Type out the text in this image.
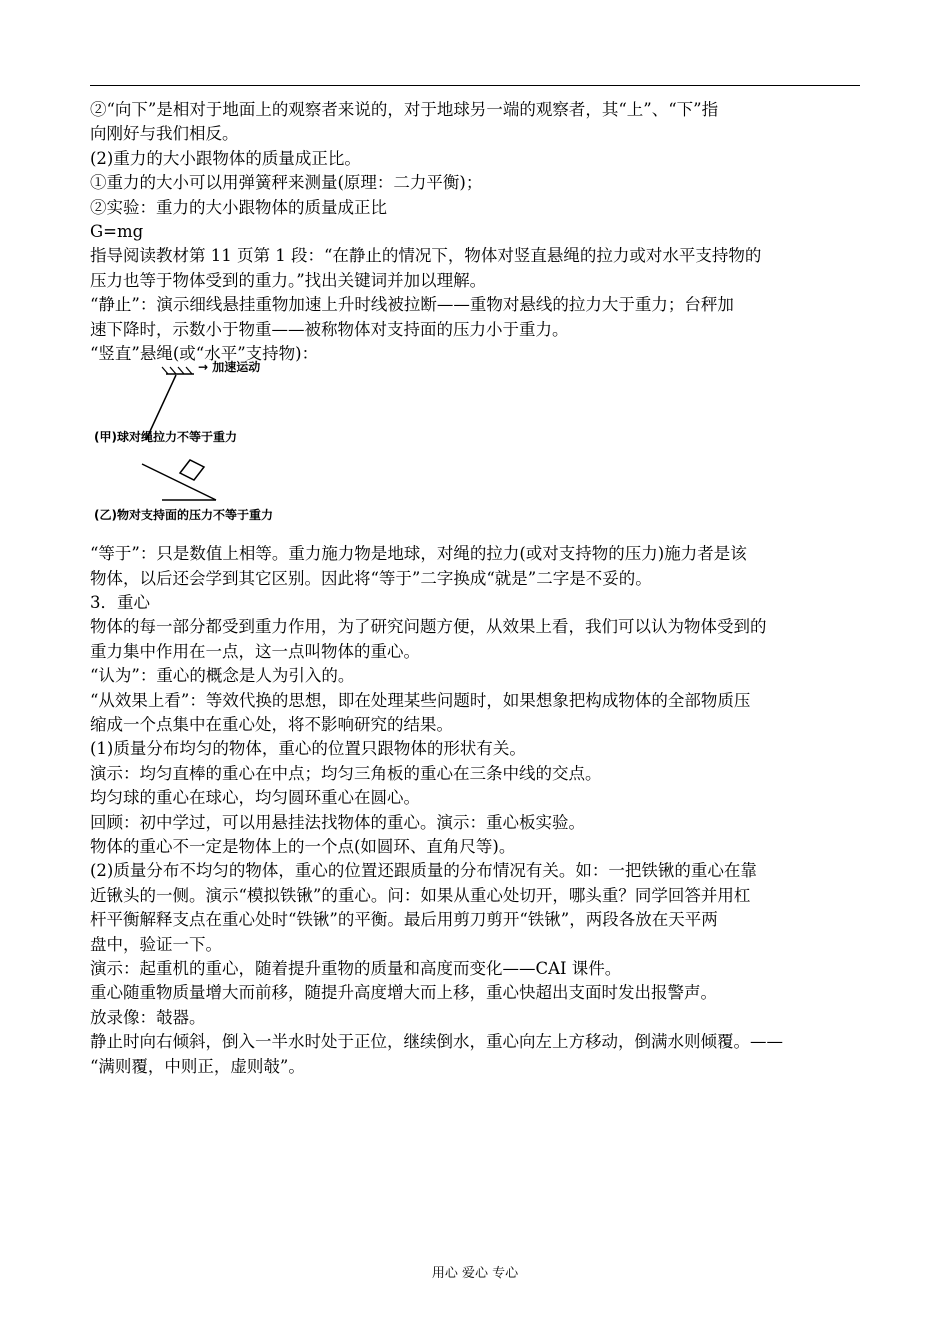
②“向下”是相对于地面上的观察者来说的，对于地球另一端的观察者，其“上”、“下”指
向刚好与我们相反。
(2)重力的大小跟物体的质量成正比。
①重力的大小可以用弹簧秤来测量(原理：二力平衡)；
②实验：重力的大小跟物体的质量成正比
G=mg
指导阅读教材第 11 页第 1 段：“在静止的情况下，物体对竖直悬绳的拉力或对水平支持物的
压力也等于物体受到的重力。”找出关键词并加以理解。
“静止”：演示细线悬挂重物加速上升时线被拉断——重物对悬线的拉力大于重力；台秤加
速下降时，示数小于物重——被称物体对支持面的压力小于重力。
“竖直”悬绳(或“水平”支持物)：
→ 加速运动
(甲)球对绳拉力不等于重力
(乙)物对支持面的压力不等于重力
“等于”：只是数值上相等。重力施力物是地球，对绳的拉力(或对支持物的压力)施力者是该
物体，以后还会学到其它区别。因此将“等于”二字换成“就是”二字是不妥的。
3．重心
物体的每一部分都受到重力作用，为了研究问题方便，从效果上看，我们可以认为物体受到的
重力集中作用在一点，这一点叫物体的重心。
“认为”：重心的概念是人为引入的。
“从效果上看”：等效代换的思想，即在处理某些问题时，如果想象把构成物体的全部物质压
缩成一个点集中在重心处，将不影响研究的结果。
(1)质量分布均匀的物体，重心的位置只跟物体的形状有关。
演示：均匀直棒的重心在中点；均匀三角板的重心在三条中线的交点。
均匀球的重心在球心，均匀圆环重心在圆心。
回顾：初中学过，可以用悬挂法找物体的重心。演示：重心板实验。
物体的重心不一定是物体上的一个点(如圆环、直角尺等)。
(2)质量分布不均匀的物体，重心的位置还跟质量的分布情况有关。如：一把铁锹的重心在靠
近锹头的一侧。演示“模拟铁锹”的重心。问：如果从重心处切开，哪头重？同学回答并用杠
杆平衡解释支点在重心处时“铁锹”的平衡。最后用剪刀剪开“铁锹”，两段各放在天平两
盘中，验证一下。
演示：起重机的重心，随着提升重物的质量和高度而变化——CAI 课件。
重心随重物质量增大而前移，随提升高度增大而上移，重心快超出支面时发出报警声。
放录像：攲器。
静止时向右倾斜，倒入一半水时处于正位，继续倒水，重心向左上方移动，倒满水则倾覆。——
“满则覆，中则正，虚则攲”。
用心 爱心 专心
